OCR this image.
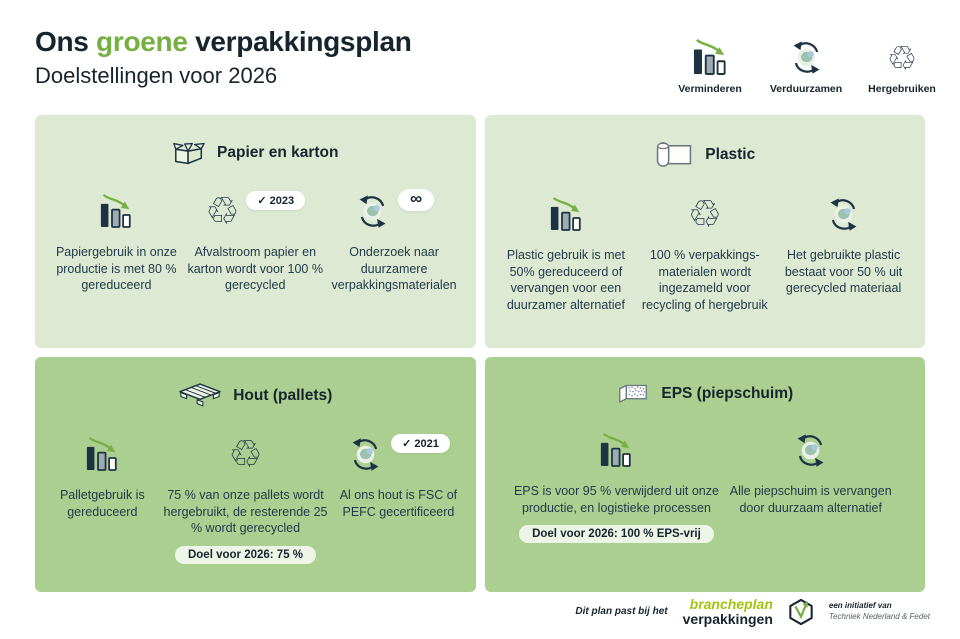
Ons groene verpakkingsplan
Doelstellingen voor 2026
Verminderen	Verduurzamen
♲
Hergebruiken
Papier en karton
Papiergebruik in onze productie is met 80 % gereduceerd
♲	✓ 2023
Afvalstroom papier en karton wordt voor 100 % gerecycled
∞
Onderzoek naar duurzamere verpakkingsmaterialen
Plastic
Plastic gebruik is met 50% gereduceerd of vervangen voor een duurzamer alternatief
♲
100 % verpakkings-materialen wordt ingezameld voor recycling of hergebruik
Het gebruikte plastic bestaat voor 50 % uit gerecycled materiaal
Hout (pallets)
Palletgebruik is gereduceerd
♲
75 % van onze pallets wordt hergebruikt, de resterende 25 % wordt gerecycled
Doel voor 2026: 75 %
✓ 2021
Al ons hout is FSC of PEFC gecertificeerd
EPS (piepschuim)
EPS is voor 95 % verwijderd uit onze productie, en logistieke processen
Doel voor 2026: 100 % EPS-vrij
Alle piepschuim is vervangen door duurzaam alternatief
Dit plan past bij het	brancheplan
verpakkingen
een initiatief van
Techniek Nederland & Fedet
